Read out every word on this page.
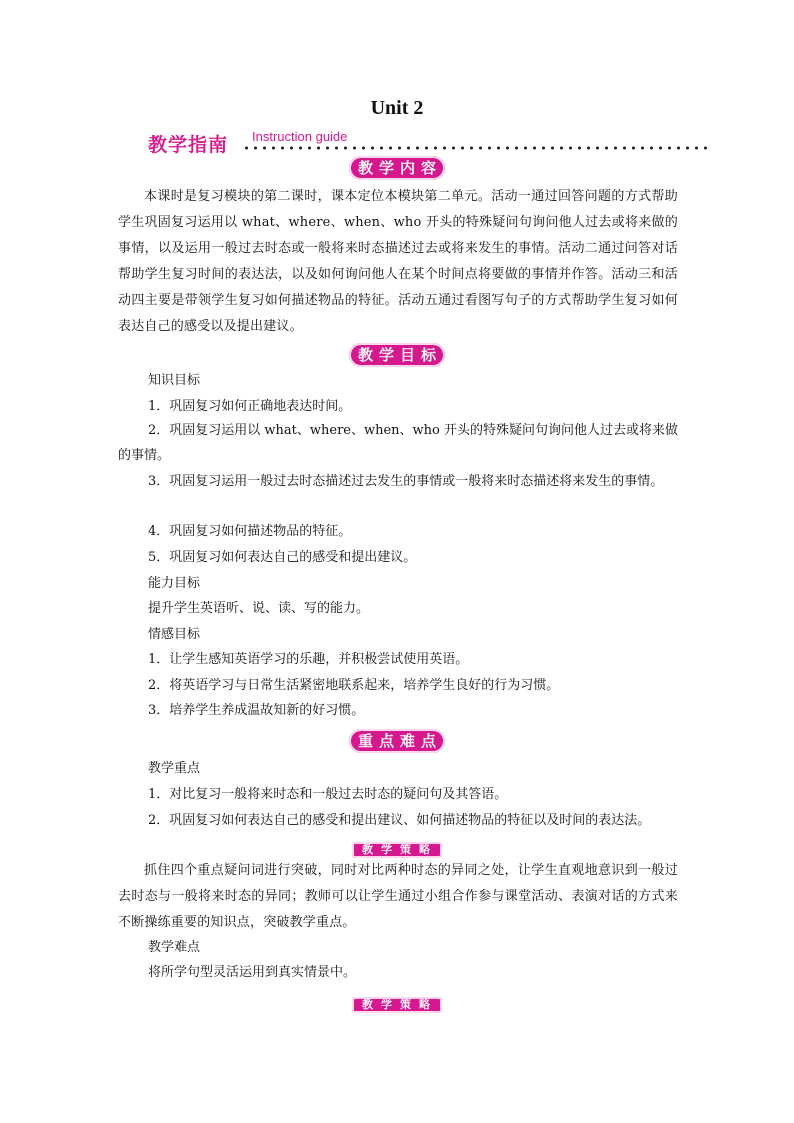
Unit 2
教学指南 Instruction guide
教学内容
本课时是复习模块的第二课时，课本定位本模块第二单元。活动一通过回答问题的方式帮助学生巩固复习运用以 what、where、when、who 开头的特殊疑问句询问他人过去或将来做的事情，以及运用一般过去时态或一般将来时态描述过去或将来发生的事情。活动二通过问答对话帮助学生复习时间的表达法，以及如何询问他人在某个时间点将要做的事情并作答。活动三和活动四主要是带领学生复习如何描述物品的特征。活动五通过看图写句子的方式帮助学生复习如何表达自己的感受以及提出建议。
教学目标
知识目标
1．巩固复习如何正确地表达时间。
2．巩固复习运用以 what、where、when、who 开头的特殊疑问句询问他人过去或将来做的事情。
3．巩固复习运用一般过去时态描述过去发生的事情或一般将来时态描述将来发生的事情。
4．巩固复习如何描述物品的特征。
5．巩固复习如何表达自己的感受和提出建议。
能力目标
提升学生英语听、说、读、写的能力。
情感目标
1．让学生感知英语学习的乐趣，并积极尝试使用英语。
2．将英语学习与日常生活紧密地联系起来，培养学生良好的行为习惯。
3．培养学生养成温故知新的好习惯。
重点难点
教学重点
1．对比复习一般将来时态和一般过去时态的疑问句及其答语。
2．巩固复习如何表达自己的感受和提出建议、如何描述物品的特征以及时间的表达法。
教学策略
抓住四个重点疑问词进行突破，同时对比两种时态的异同之处，让学生直观地意识到一般过去时态与一般将来时态的异同；教师可以让学生通过小组合作参与课堂活动、表演对话的方式来不断操练重要的知识点，突破教学重点。
教学难点
将所学句型灵活运用到真实情景中。
教学策略
